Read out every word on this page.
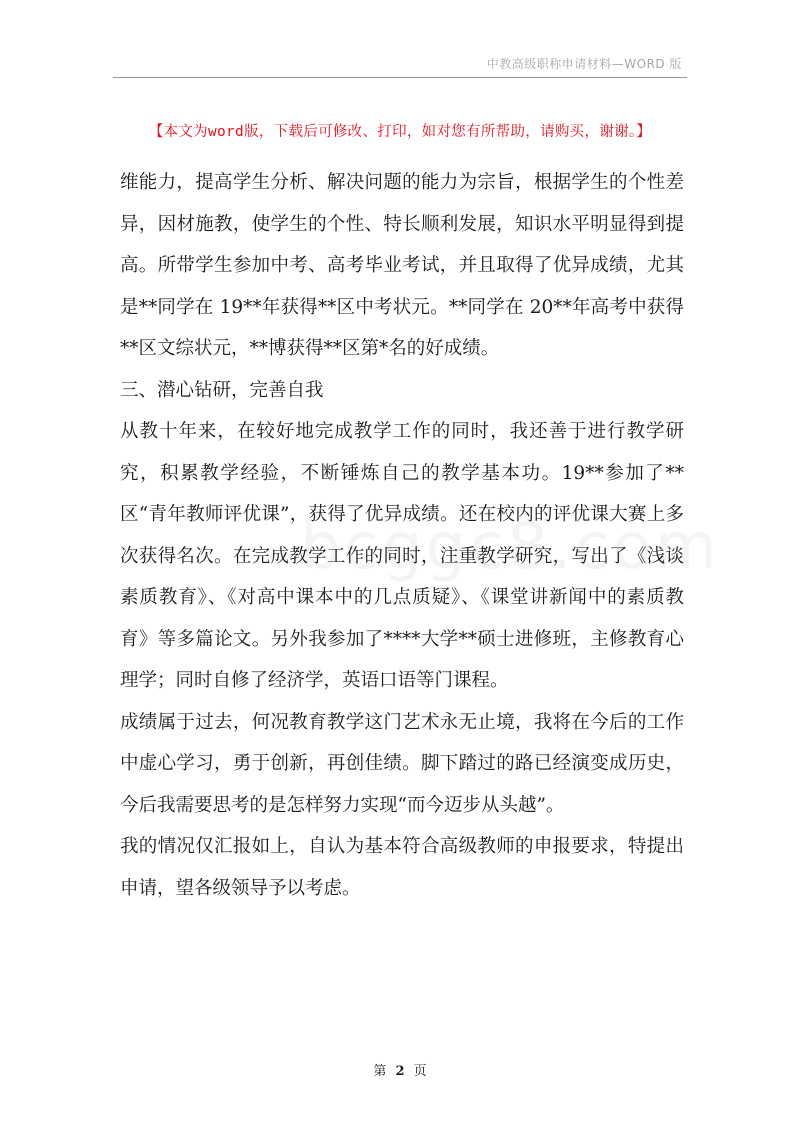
中教高级职称申请材料—WORD 版
【本文为word版，下载后可修改、打印，如对您有所帮助，请购买，谢谢。】

维能力，提高学生分析、解决问题的能力为宗旨，根据学生的个性差异，因材施教，使学生的个性、特长顺利发展，知识水平明显得到提高。所带学生参加中考、高考毕业考试，并且取得了优异成绩，尤其是**同学在 19**年获得**区中考状元。**同学在 20**年高考中获得**区文综状元，**博获得**区第*名的好成绩。

三、潜心钻研，完善自我

从教十年来，在较好地完成教学工作的同时，我还善于进行教学研究，积累教学经验，不断锤炼自己的教学基本功。19**参加了**区“青年教师评优课”，获得了优异成绩。还在校内的评优课大赛上多次获得名次。在完成教学工作的同时，注重教学研究，写出了《浅谈素质教育》、《对高中课本中的几点质疑》、《课堂讲新闻中的素质教育》等多篇论文。另外我参加了****大学**硕士进修班，主修教育心理学；同时自修了经济学，英语口语等门课程。

成绩属于过去，何况教育教学这门艺术永无止境，我将在今后的工作中虚心学习，勇于创新，再创佳绩。脚下踏过的路已经演变成历史，今后我需要思考的是怎样努力实现“而今迈步从头越”。

我的情况仅汇报如上，自认为基本符合高级教师的申报要求，特提出申请，望各级领导予以考虑。

第 2 页
